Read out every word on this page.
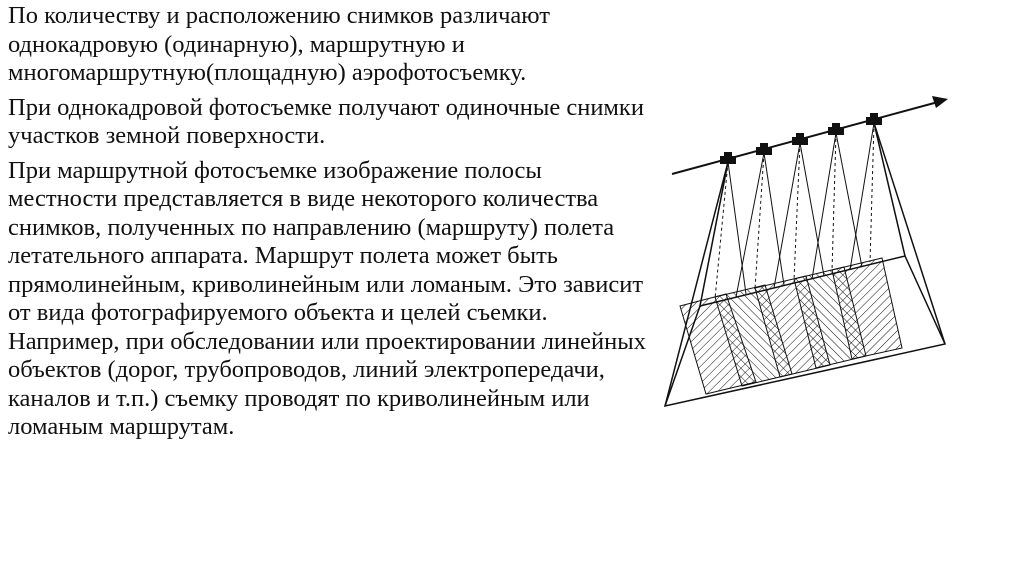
По количеству и расположению снимков различают однокадровую (одинарную), маршрутную и многомаршрутную(площадную) аэрофотосъемку.

При однокадровой фотосъемке получают одиночные снимки участков земной поверхности.

При маршрутной фотосъемке изображение полосы местности представляется в виде некоторого количества снимков, полученных по направлению (маршруту) полета летательного аппарата. Маршрут полета может быть прямолинейным, криволинейным или ломаным. Это зависит от вида фотографируемого объекта и целей съемки. Например, при обследовании или проектировании линейных объектов (дорог, трубопроводов, линий электропередачи, каналов и т.п.) съемку проводят по криволинейным или ломаным маршрутам.
